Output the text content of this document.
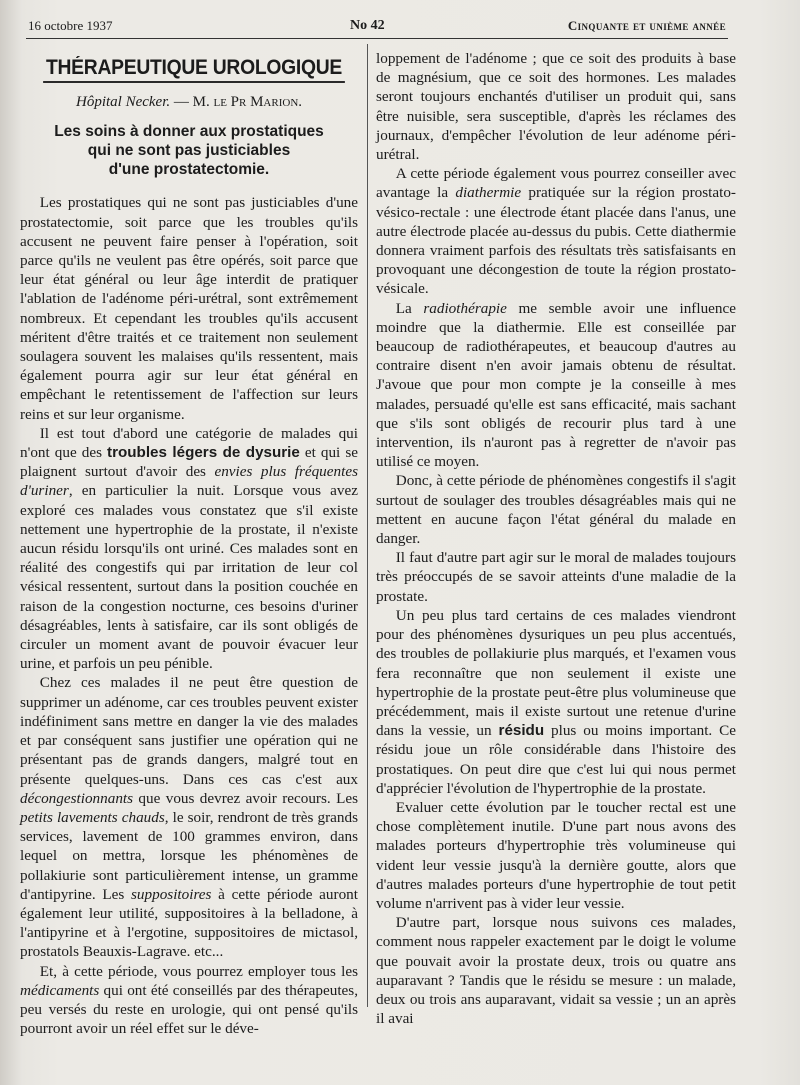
16 octobre 1937	No 42	Cinquante et unième année
THÉRAPEUTIQUE UROLOGIQUE
Hôpital Necker. — M. le Pr Marion.
Les soins à donner aux prostatiques
qui ne sont pas justiciables
d'une prostatectomie.

Les prostatiques qui ne sont pas justiciables d'une prostatectomie, soit parce que les troubles qu'ils accusent ne peuvent faire penser à l'opération, soit parce qu'ils ne veulent pas être opérés, soit parce que leur état général ou leur âge interdit de pratiquer l'ablation de l'adénome péri-urétral, sont extrêmement nombreux. Et cependant les troubles qu'ils accusent méritent d'être traités et ce traitement non seulement soulagera souvent les malaises qu'ils ressentent, mais également pourra agir sur leur état général en empêchant le retentissement de l'affection sur leurs reins et sur leur organisme.

Il est tout d'abord une catégorie de malades qui n'ont que des troubles légers de dysurie et qui se plaignent surtout d'avoir des envies plus fréquentes d'uriner, en particulier la nuit. Lorsque vous avez exploré ces malades vous constatez que s'il existe nettement une hypertrophie de la prostate, il n'existe aucun résidu lorsqu'ils ont uriné. Ces malades sont en réalité des congestifs qui par irritation de leur col vésical ressentent, surtout dans la position couchée en raison de la congestion nocturne, ces besoins d'uriner désagréables, lents à satisfaire, car ils sont obligés de circuler un moment avant de pouvoir évacuer leur urine, et parfois un peu pénible.

Chez ces malades il ne peut être question de supprimer un adénome, car ces troubles peuvent exister indéfiniment sans mettre en danger la vie des malades et par conséquent sans justifier une opération qui ne présentant pas de grands dangers, malgré tout en présente quelques-uns. Dans ces cas c'est aux décongestionnants que vous devrez avoir recours. Les petits lavements chauds, le soir, rendront de très grands services, lavement de 100 grammes environ, dans lequel on mettra, lorsque les phénomènes de pollakiurie sont particulièrement intense, un gramme d'antipyrine. Les suppositoires à cette période auront également leur utilité, suppositoires à la belladone, à l'antipyrine et à l'ergotine, suppositoires de mictasol, prostatols Beauxis-Lagrave. etc...

Et, à cette période, vous pourrez employer tous les médicaments qui ont été conseillés par des thérapeutes, peu versés du reste en urologie, qui ont pensé qu'ils pourront avoir un réel effet sur le déve-

loppement de l'adénome ; que ce soit des produits à base de magnésium, que ce soit des hormones. Les malades seront toujours enchantés d'utiliser un produit qui, sans être nuisible, sera susceptible, d'après les réclames des journaux, d'empêcher l'évolution de leur adénome péri-urétral.

A cette période également vous pourrez conseiller avec avantage la diathermie pratiquée sur la région prostato-vésico-rectale : une électrode étant placée dans l'anus, une autre électrode placée au-dessus du pubis. Cette diathermie donnera vraiment parfois des résultats très satisfaisants en provoquant une décongestion de toute la région prostato-vésicale.

La radiothérapie me semble avoir une influence moindre que la diathermie. Elle est conseillée par beaucoup de radiothérapeutes, et beaucoup d'autres au contraire disent n'en avoir jamais obtenu de résultat. J'avoue que pour mon compte je la conseille à mes malades, persuadé qu'elle est sans efficacité, mais sachant que s'ils sont obligés de recourir plus tard à une intervention, ils n'auront pas à regretter de n'avoir pas utilisé ce moyen.

Donc, à cette période de phénomènes congestifs il s'agit surtout de soulager des troubles désagréables mais qui ne mettent en aucune façon l'état général du malade en danger.

Il faut d'autre part agir sur le moral de malades toujours très préoccupés de se savoir atteints d'une maladie de la prostate.

Un peu plus tard certains de ces malades viendront pour des phénomènes dysuriques un peu plus accentués, des troubles de pollakiurie plus marqués, et l'examen vous fera reconnaître que non seulement il existe une hypertrophie de la prostate peut-être plus volumineuse que précédemment, mais il existe surtout une retenue d'urine dans la vessie, un résidu plus ou moins important. Ce résidu joue un rôle considérable dans l'histoire des prostatiques. On peut dire que c'est lui qui nous permet d'apprécier l'évolution de l'hypertrophie de la prostate.

Evaluer cette évolution par le toucher rectal est une chose complètement inutile. D'une part nous avons des malades porteurs d'hypertrophie très volumineuse qui vident leur vessie jusqu'à la dernière goutte, alors que d'autres malades porteurs d'une hypertrophie de tout petit volume n'arrivent pas à vider leur vessie.

D'autre part, lorsque nous suivons ces malades, comment nous rappeler exactement par le doigt le volume que pouvait avoir la prostate deux, trois ou quatre ans auparavant ? Tandis que le résidu se mesure : un malade, deux ou trois ans auparavant, vidait sa vessie ; un an après il avai
